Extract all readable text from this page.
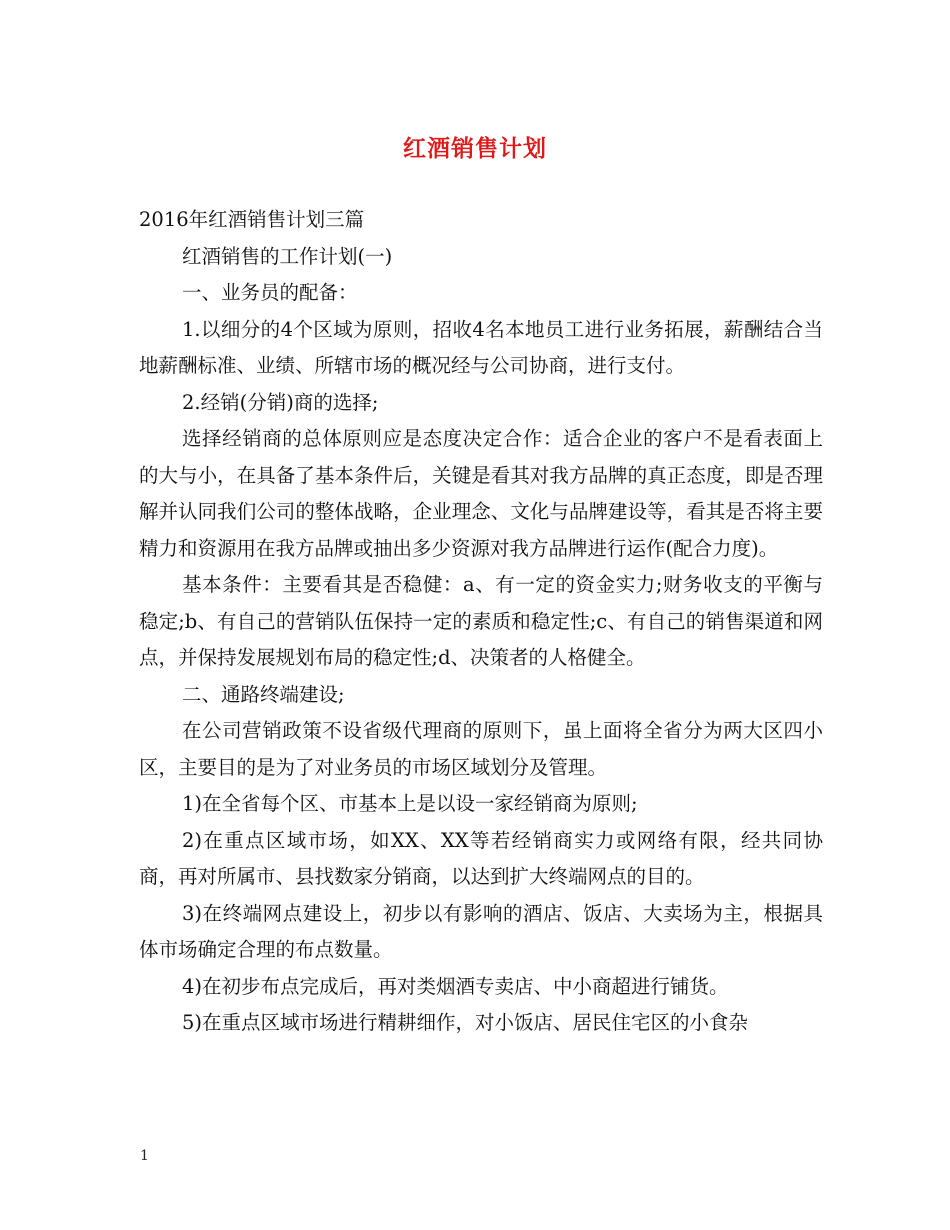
红酒销售计划

2016年红酒销售计划三篇

红酒销售的工作计划(一)

一、业务员的配备：

1.以细分的4个区域为原则，招收4名本地员工进行业务拓展，薪酬结合当地薪酬标准、业绩、所辖市场的概况经与公司协商，进行支付。

2.经销(分销)商的选择;

选择经销商的总体原则应是态度决定合作：适合企业的客户不是看表面上的大与小，在具备了基本条件后，关键是看其对我方品牌的真正态度，即是否理解并认同我们公司的整体战略，企业理念、文化与品牌建设等，看其是否将主要精力和资源用在我方品牌或抽出多少资源对我方品牌进行运作(配合力度)。

基本条件：主要看其是否稳健：a、有一定的资金实力;财务收支的平衡与稳定;b、有自己的营销队伍保持一定的素质和稳定性;c、有自己的销售渠道和网点，并保持发展规划布局的稳定性;d、决策者的人格健全。

二、通路终端建设;

在公司营销政策不设省级代理商的原则下，虽上面将全省分为两大区四小区，主要目的是为了对业务员的市场区域划分及管理。

1)在全省每个区、市基本上是以设一家经销商为原则;

2)在重点区域市场，如XX、XX等若经销商实力或网络有限，经共同协商，再对所属市、县找数家分销商，以达到扩大终端网点的目的。

3)在终端网点建设上，初步以有影响的酒店、饭店、大卖场为主，根据具体市场确定合理的布点数量。

4)在初步布点完成后，再对类烟酒专卖店、中小商超进行铺货。

5)在重点区域市场进行精耕细作，对小饭店、居民住宅区的小食杂

1
